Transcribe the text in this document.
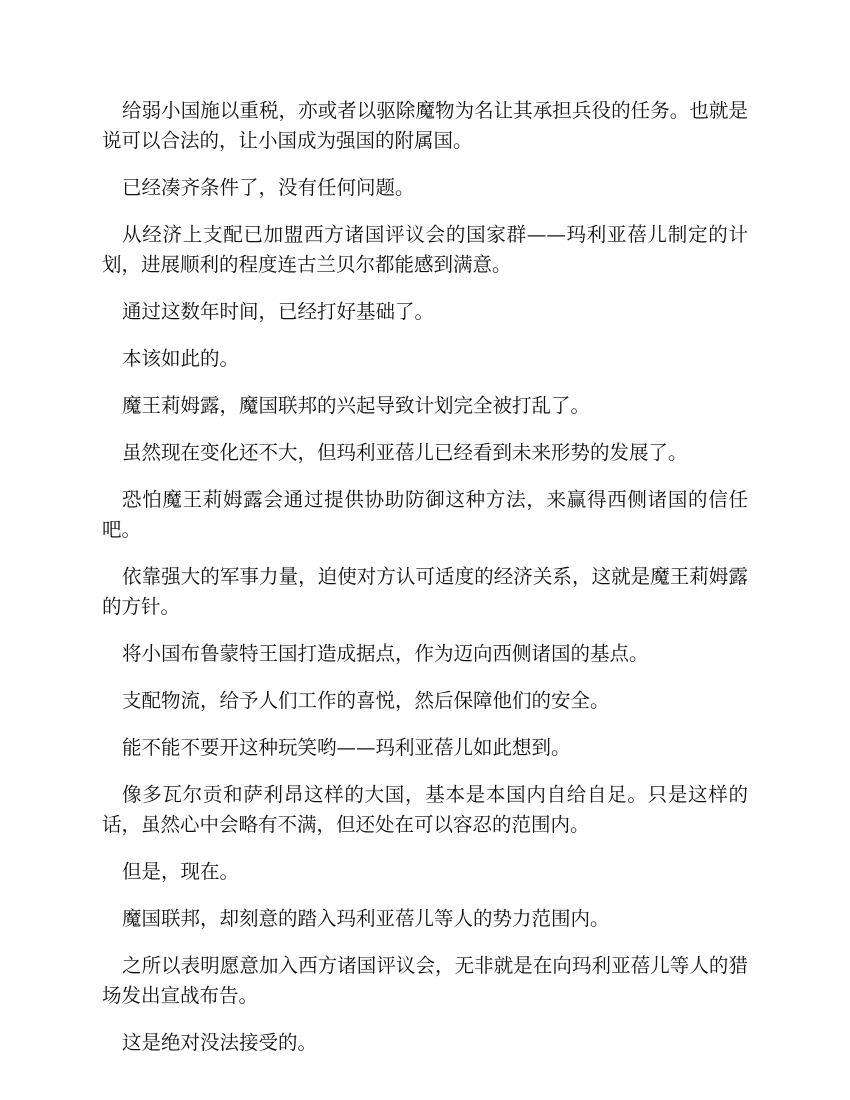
给弱小国施以重税，亦或者以驱除魔物为名让其承担兵役的任务。也就是说可以合法的，让小国成为强国的附属国。

已经凑齐条件了，没有任何问题。

从经济上支配已加盟西方诸国评议会的国家群——玛利亚蓓儿制定的计划，进展顺利的程度连古兰贝尔都能感到满意。

通过这数年时间，已经打好基础了。

本该如此的。

魔王莉姆露，魔国联邦的兴起导致计划完全被打乱了。

虽然现在变化还不大，但玛利亚蓓儿已经看到未来形势的发展了。

恐怕魔王莉姆露会通过提供协助防御这种方法，来赢得西侧诸国的信任吧。

依靠强大的军事力量，迫使对方认可适度的经济关系，这就是魔王莉姆露的方针。

将小国布鲁蒙特王国打造成据点，作为迈向西侧诸国的基点。

支配物流，给予人们工作的喜悦，然后保障他们的安全。

能不能不要开这种玩笑哟——玛利亚蓓儿如此想到。

像多瓦尔贡和萨利昂这样的大国，基本是本国内自给自足。只是这样的话，虽然心中会略有不满，但还处在可以容忍的范围内。

但是，现在。

魔国联邦，却刻意的踏入玛利亚蓓儿等人的势力范围内。

之所以表明愿意加入西方诸国评议会，无非就是在向玛利亚蓓儿等人的猎场发出宣战布告。

这是绝对没法接受的。
